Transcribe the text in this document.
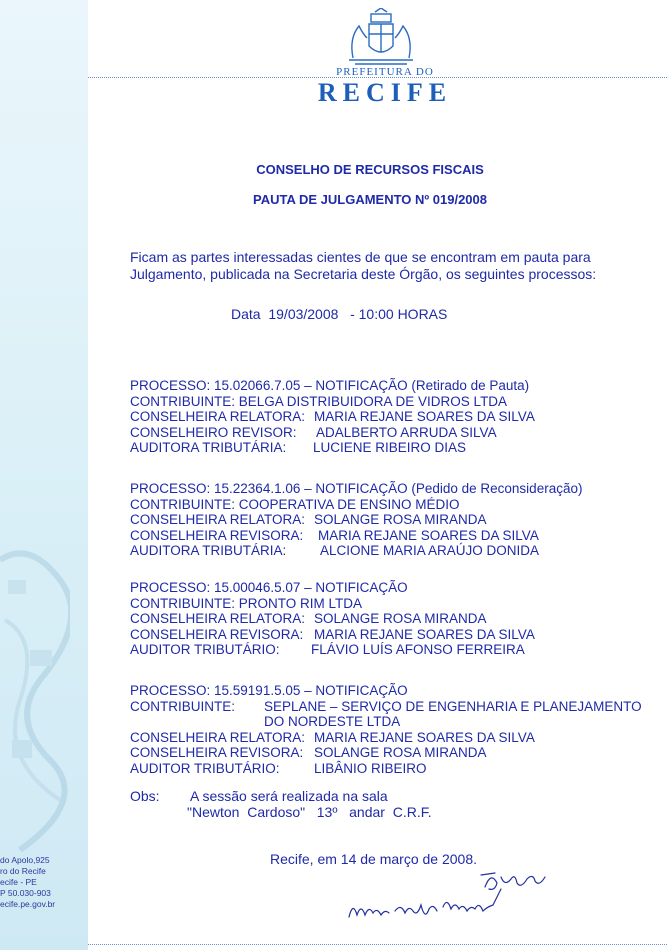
do Apolo,925
ro do Recife
ecife - PE
P 50.030-903
ecife.pe.gov.br
PREFEITURA DO
RECIFE
CONSELHO DE RECURSOS FISCAIS
PAUTA DE JULGAMENTO Nº 019/2008
Ficam as partes interessadas cientes de que se encontram em pauta para
Julgamento, publicada na Secretaria deste Órgão, os seguintes processos:
Data  19/03/2008   - 10:00 HORAS
PROCESSO: 15.02066.7.05 – NOTIFICAÇÃO (Retirado de Pauta)
CONTRIBUINTE: BELGA DISTRIBUIDORA DE VIDROS LTDA
CONSELHEIRA RELATORA: MARIA REJANE SOARES DA SILVA
CONSELHEIRO REVISOR: ADALBERTO ARRUDA SILVA
AUDITORA TRIBUTÁRIA: LUCIENE RIBEIRO DIAS
PROCESSO: 15.22364.1.06 – NOTIFICAÇÃO (Pedido de Reconsideração)
CONTRIBUINTE: COOPERATIVA DE ENSINO MÉDIO
CONSELHEIRA RELATORA: SOLANGE ROSA MIRANDA
CONSELHEIRA REVISORA: MARIA REJANE SOARES DA SILVA
AUDITORA TRIBUTÁRIA: ALCIONE MARIA ARAÚJO DONIDA
PROCESSO: 15.00046.5.07 – NOTIFICAÇÃO
CONTRIBUINTE: PRONTO RIM LTDA
CONSELHEIRA RELATORA: SOLANGE ROSA MIRANDA
CONSELHEIRA REVISORA: MARIA REJANE SOARES DA SILVA
AUDITOR TRIBUTÁRIO: FLÁVIO LUÍS AFONSO FERREIRA
PROCESSO: 15.59191.5.05 – NOTIFICAÇÃO
CONTRIBUINTE: SEPLANE – SERVIÇO DE ENGENHARIA E PLANEJAMENTO
DO NORDESTE LTDA
CONSELHEIRA RELATORA: MARIA REJANE SOARES DA SILVA
CONSELHEIRA REVISORA: SOLANGE ROSA MIRANDA
AUDITOR TRIBUTÁRIO:	LIBÂNIO RIBEIRO
Obs: A sessão será realizada na sala
"Newton  Cardoso"   13º   andar  C.R.F.
Recife, em 14 de março de 2008.
